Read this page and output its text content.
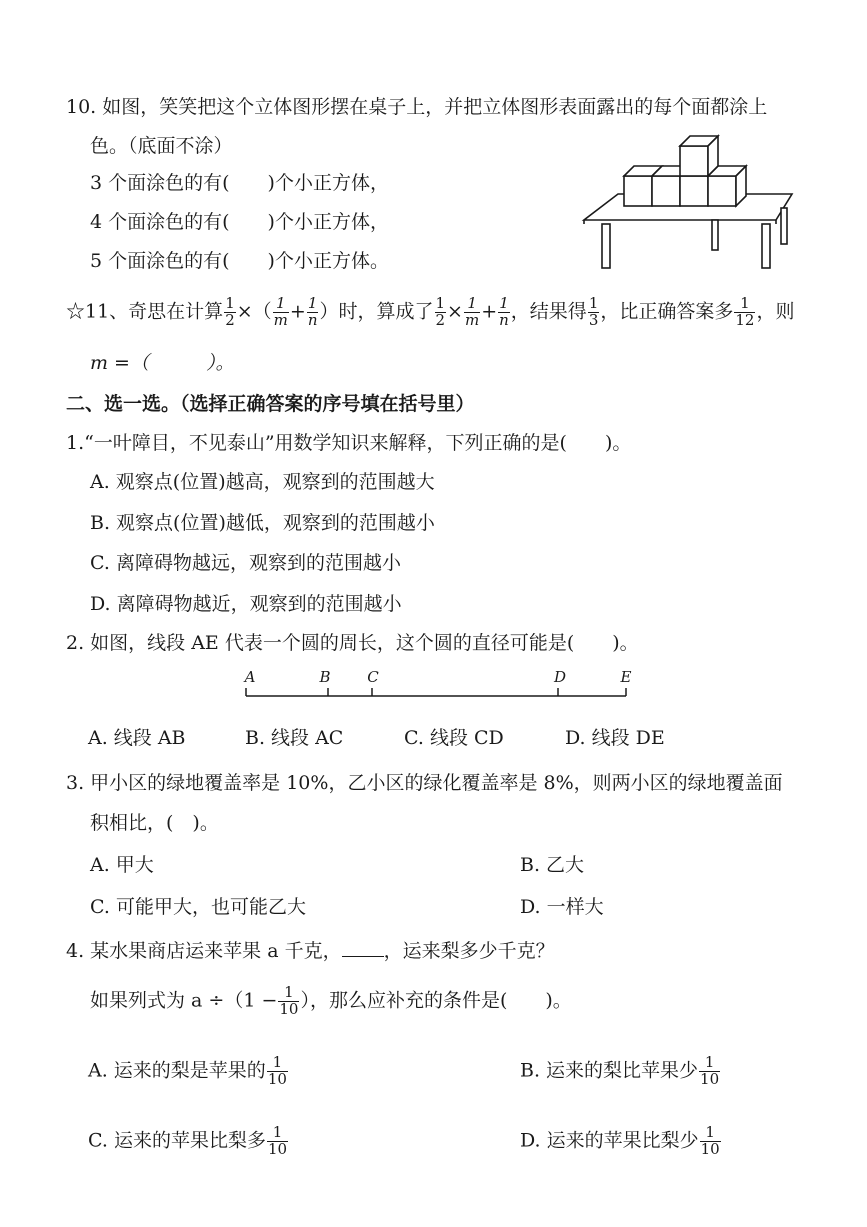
10. 如图，笑笑把这个立体图形摆在桌子上，并把立体图形表面露出的每个面都涂上
色。（底面不涂）
3 个面涂色的有(　　)个小正方体，
4 个面涂色的有(　　)个小正方体，
5 个面涂色的有(　　)个小正方体。
☆11、奇思在计算 $\frac{1}{2}$ ×（ $\frac{1}{m} + \frac{1}{n}$ ）时，算成了 $\frac{1}{2} \times \frac{1}{m} + \frac{1}{n}$ ，结果得 $\frac{1}{3}$ ，比正确答案多 $\frac{1}{12}$ ，则
m =（　　　）。
二、选一选。（选择正确答案的序号填在括号里）
1.“一叶障目，不见泰山”用数学知识来解释，下列正确的是(　　)。
A. 观察点(位置)越高，观察到的范围越大
B. 观察点(位置)越低，观察到的范围越小
C. 离障碍物越远，观察到的范围越小
D. 离障碍物越近，观察到的范围越小
2. 如图，线段 AE 代表一个圆的周长，这个圆的直径可能是(　　)。
A	B C	D	E
A. 线段 AB	B. 线段 AC	C. 线段 CD	D. 线段 DE
3. 甲小区的绿地覆盖率是 10%，乙小区的绿化覆盖率是 8%，则两小区的绿地覆盖面
积相比，(　)。
A. 甲大	B. 乙大
C. 可能甲大，也可能乙大	D. 一样大
4. 某水果商店运来苹果 a 千克， ，运来梨多少千克？
如果列式为 $a \div(1 - \frac{1}{10}$ ），那么应补充的条件是(　　)。
A. 运来的梨是苹果的 $\frac{1}{10}$	B. 运来的梨比苹果少 $\frac{1}{10}$
C. 运来的苹果比梨多 $\frac{1}{10}$	D. 运来的苹果比梨少 $\frac{1}{10}$
